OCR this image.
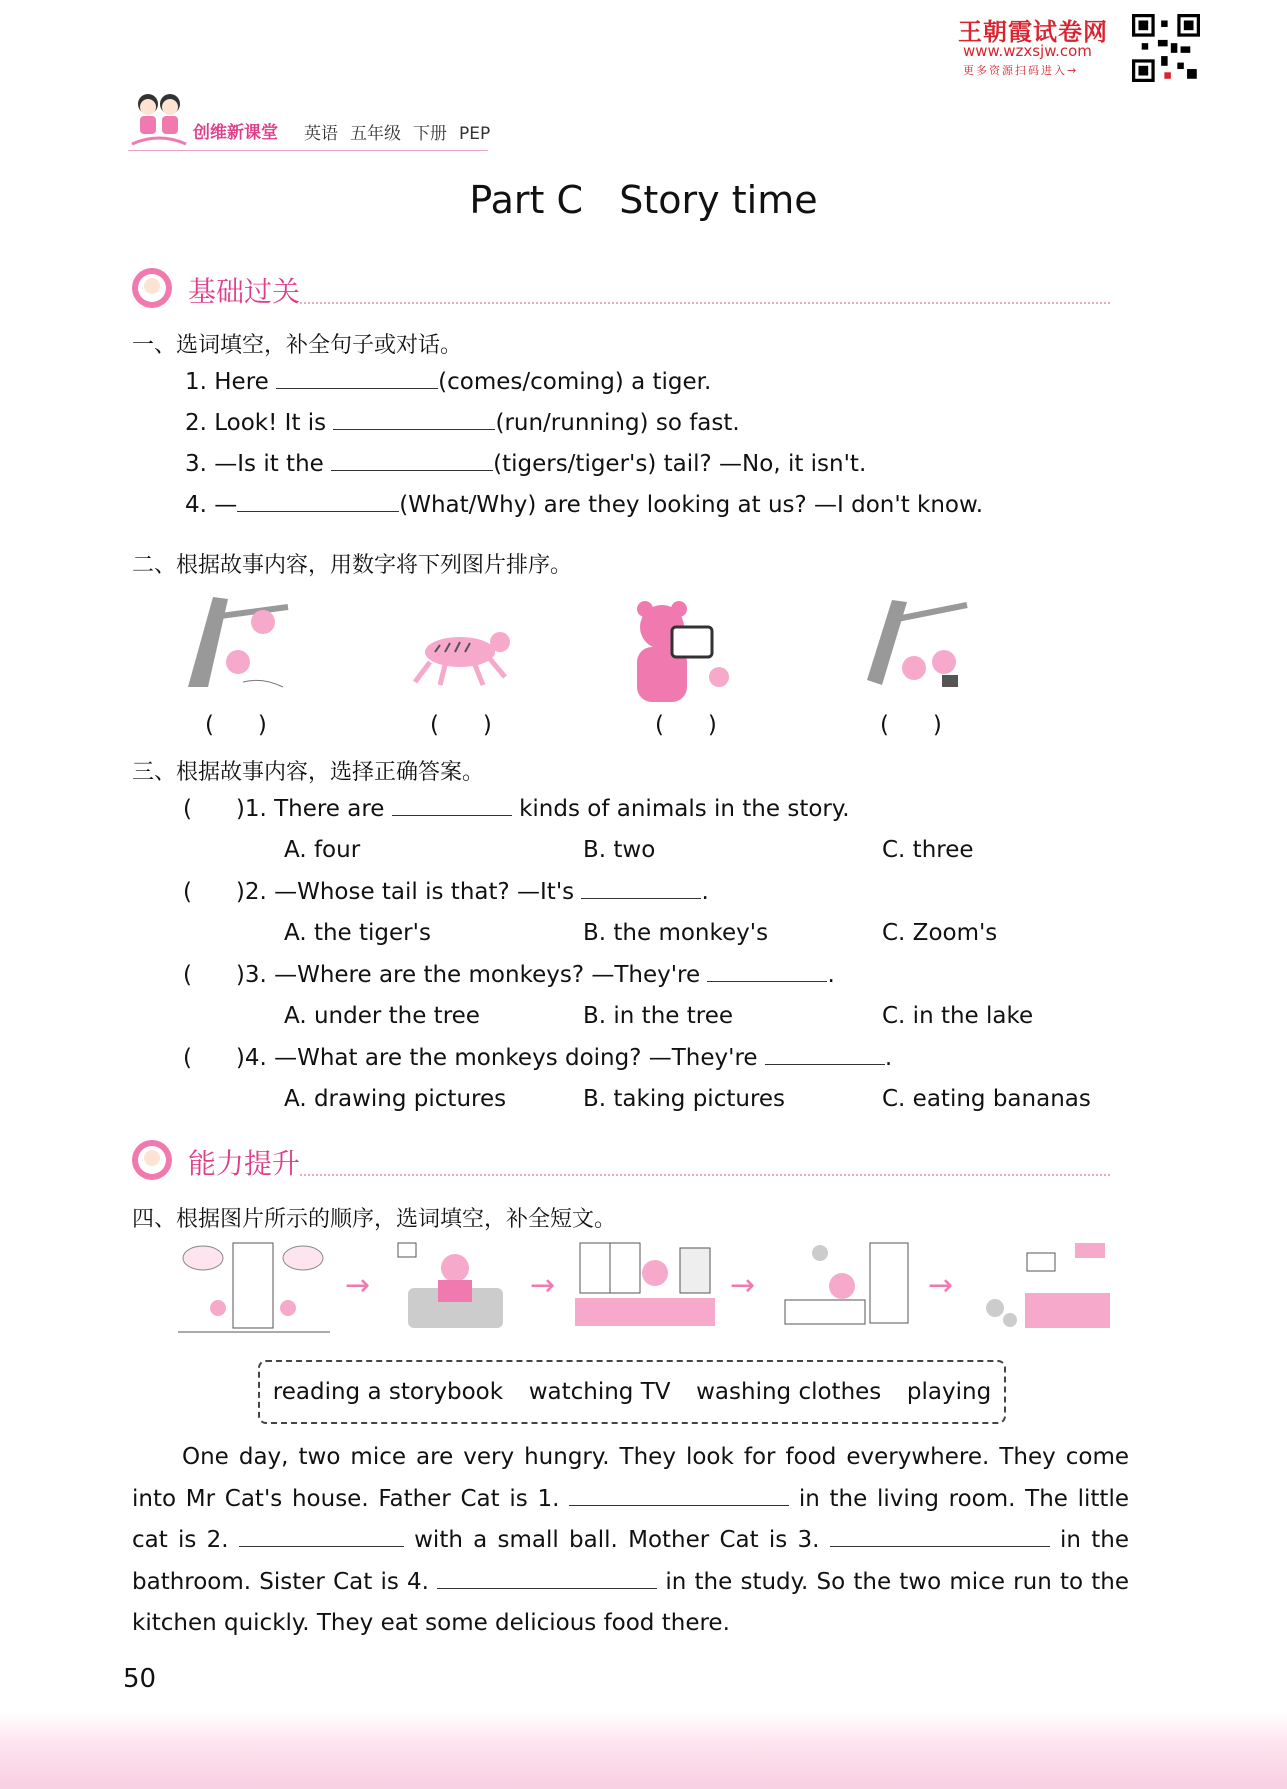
创维新课堂 英语 五年级 下册 PEP
王朝霞试卷网
www.wzxsjw.com
更多资源扫码进入→
Part C   Story time
基础过关
一、选词填空，补全句子或对话。
1. Here	(comes/coming) a tiger.
2. Look! It is	(run/running) so fast.
3. —Is it the	(tigers/tiger's) tail? —No, it isn't.
4. —	(What/Why) are they looking at us? —I don't know.
二、根据故事内容，用数字将下列图片排序。
(      )	(      )	(      )	(      )
三、根据故事内容，选择正确答案。
(      )1. There are	kinds of animals in the story.
A. four	B. two	C. three
(      )2. —Whose tail is that? —It's	.
A. the tiger's	B. the monkey's	C. Zoom's
(      )3. —Where are the monkeys? —They're	.
A. under the tree	B. in the tree	C. in the lake
(      )4. —What are the monkeys doing? —They're	.
A. drawing pictures	B. taking pictures	C. eating bananas
能力提升
四、根据图片所示的顺序，选词填空，补全短文。
→	→	→	→
reading a storybook watching TV washing clothes playing
One day, two mice are very hungry. They look for food everywhere. They come into Mr Cat's house. Father Cat is 1.	in the living room. The little cat is 2.	with a small ball. Mother Cat is 3.	in the bathroom. Sister Cat is 4.	in the study. So the two mice run to the kitchen quickly. They eat some delicious food there.
50
